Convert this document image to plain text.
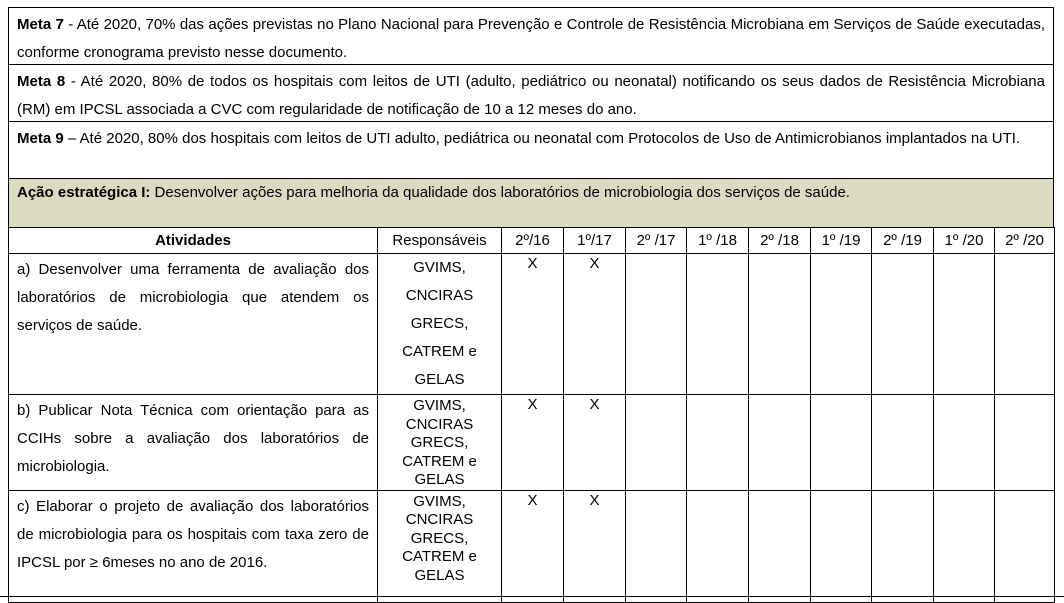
Meta 7 - Até 2020, 70% das ações previstas no Plano Nacional para Prevenção e Controle de Resistência Microbiana em Serviços de Saúde executadas, conforme cronograma previsto nesse documento.
Meta 8 - Até 2020, 80% de todos os hospitais com leitos de UTI (adulto, pediátrico ou neonatal) notificando os seus dados de Resistência Microbiana (RM) em IPCSL associada a CVC com regularidade de notificação de 10 a 12 meses do ano.
Meta 9 – Até 2020, 80% dos hospitais com leitos de UTI adulto, pediátrica ou neonatal com Protocolos de Uso de Antimicrobianos implantados na UTI.
Ação estratégica I: Desenvolver ações para melhoria da qualidade dos laboratórios de microbiologia dos serviços de saúde.
Atividades	Responsáveis	2º/16	1º/17	2º /17	1º /18	2º /18	1º /19	2º /19	1º /20	2º /20
a) Desenvolver uma ferramenta de avaliação dos laboratórios de microbiologia que atendem os serviços de saúde.	GVIMS,
CNCIRAS
GRECS,
CATREM e
GELAS	X	X							

b) Publicar Nota Técnica com orientação para as CCIHs sobre a avaliação dos laboratórios de microbiologia.	GVIMS,
CNCIRAS
GRECS,
CATREM e
GELAS	X	X							

c) Elaborar o projeto de avaliação dos laboratórios de microbiologia para os hospitais com taxa zero de IPCSL por ≥ 6meses no ano de 2016.	GVIMS,
CNCIRAS
GRECS,
CATREM e
GELAS	X	X							
